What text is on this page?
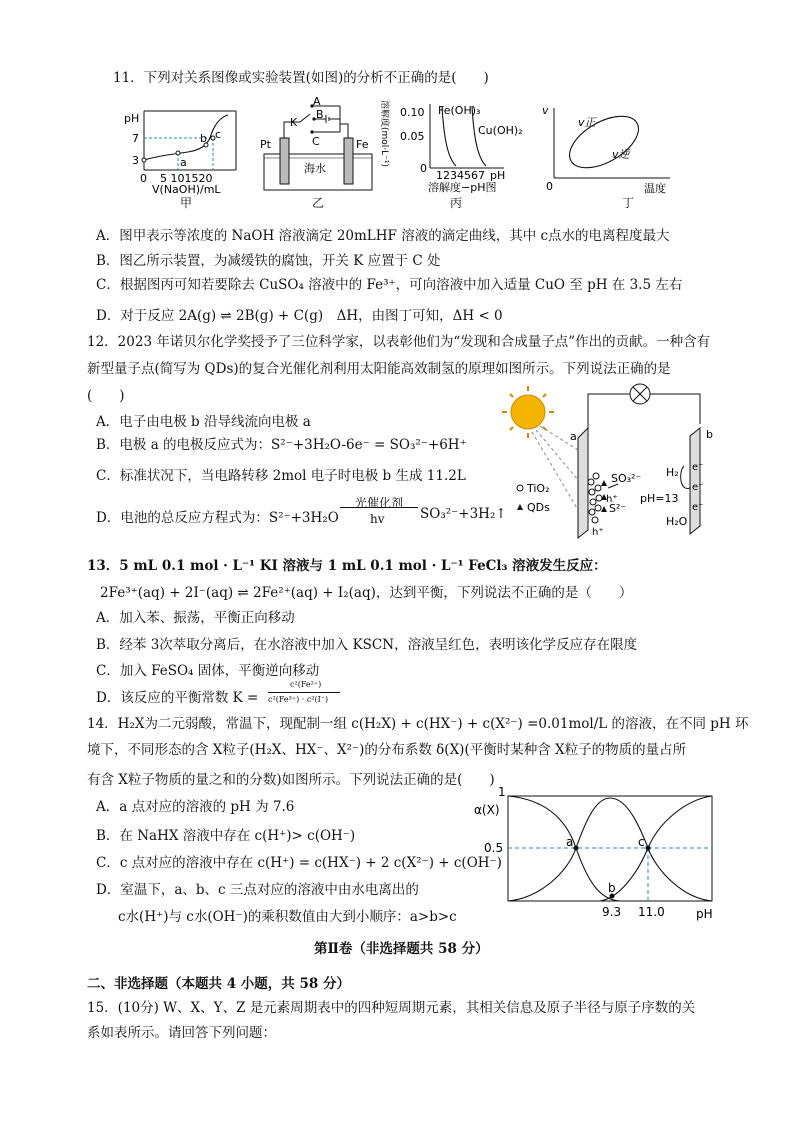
11．下列对关系图像或实验装置(如图)的分析不正确的是(　　)
pH
7
3	a
b c
0 5 101520
V(NaOH)/mL
甲
K
A
B
C
Pt	Fe
海水
乙
溶解度(mol·L⁻¹) 0.10
0.05
0
Fe(OH)₃
Cu(OH)₂
1234567 pH
溶解度−pH图
丙
v
v正
v逆
0	温度
丁
A．图甲表示等浓度的 NaOH 溶液滴定 20mLHF 溶液的滴定曲线，其中 c点水的电离程度最大
B．图乙所示装置，为减缓铁的腐蚀，开关 K 应置于 C 处
C．根据图丙可知若要除去 CuSO₄ 溶液中的 Fe³⁺，可向溶液中加入适量 CuO 至 pH 在 3.5 左右
D．对于反应 2A(g) ⇌ 2B(g) + C(g)　ΔH，由图丁可知，ΔH < 0
12．2023 年诺贝尔化学奖授予了三位科学家，以表彰他们为“发现和合成量子点”作出的贡献。一种含有
新型量子点(简写为 QDs)的复合光催化剂利用太阳能高效制氢的原理如图所示。下列说法正确的是
(　　)
A．电子由电极 b 沿导线流向电极 a
B．电极 a 的电极反应式为：S²⁻+3H₂O-6e⁻ = SO₃²⁻+6H⁺
C．标准状况下，当电路转移 2mol 电子时电极 b 生成 11.2L
D．电池的总反应方程式为：S²⁻+3H₂O
光催化剂
hv	SO₃²⁻+3H₂↑
a	b
TiO₂
QDs
SO₃²⁻
S²⁻
h⁺
h⁺
pH=13
H₂
H₂O
e⁻
e⁻
e⁻
13．5 mL 0.1 mol · L⁻¹ KI 溶液与 1 mL 0.1 mol · L⁻¹ FeCl₃ 溶液发生反应：
2Fe³⁺(aq) + 2I⁻(aq) ⇌ 2Fe²⁺(aq) + I₂(aq)，达到平衡，下列说法不正确的是（　　）
A．加入苯、振荡，平衡正向移动
B．经苯 3次萃取分离后，在水溶液中加入 KSCN，溶液呈红色，表明该化学反应存在限度
C．加入 FeSO₄ 固体，平衡逆向移动
D．该反应的平衡常数 K =
c²(Fe²⁺)
c²(Fe³⁺) · c²(I⁻)
14．H₂X为二元弱酸，常温下，现配制一组 c(H₂X) + c(HX⁻) + c(X²⁻) =0.01mol/L 的溶液，在不同 pH 环
境下，不同形态的含 X粒子(H₂X、HX⁻、X²⁻)的分布系数 δ(X)(平衡时某种含 X粒子的物质的量占所
有含 X粒子物质的量之和的分数)如图所示。下列说法正确的是(　　)
A．a 点对应的溶液的 pH 为 7.6
B．在 NaHX 溶液中存在 c(H⁺)> c(OH⁻)
C．c 点对应的溶液中存在 c(H⁺) = c(HX⁻) + 2 c(X²⁻) + c(OH⁻)
D．室温下，a、b、c 三点对应的溶液中由水电离出的
c水(H⁺)与 c水(OH⁻)的乘积数值由大到小顺序：a>b>c
α(X)
1
0.5	a	c
b
9.3 11.0	pH
第Ⅱ卷（非选择题共 58 分）
二、非选择题（本题共 4 小题，共 58 分）
15．(10分) W、X、Y、Z 是元素周期表中的四种短周期元素，其相关信息及原子半径与原子序数的关
系如表所示。请回答下列问题：
